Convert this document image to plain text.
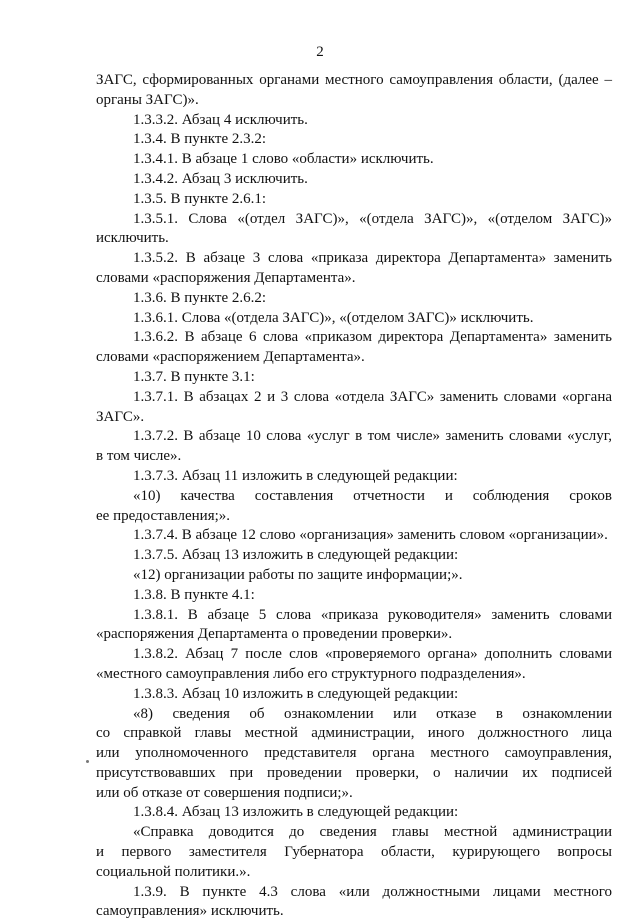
2
ЗАГС, сформированных органами местного самоуправления области, (далее –
органы ЗАГС)».
1.3.3.2. Абзац 4 исключить.
1.3.4. В пункте 2.3.2:
1.3.4.1. В абзаце 1 слово «области» исключить.
1.3.4.2. Абзац 3 исключить.
1.3.5. В пункте 2.6.1:
1.3.5.1. Слова «(отдел ЗАГС)», «(отдела ЗАГС)», «(отделом ЗАГС)»
исключить.
1.3.5.2. В абзаце 3 слова «приказа директора Департамента» заменить
словами «распоряжения Департамента».
1.3.6. В пункте 2.6.2:
1.3.6.1. Слова «(отдела ЗАГС)», «(отделом ЗАГС)» исключить.
1.3.6.2. В абзаце 6 слова «приказом директора Департамента» заменить
словами «распоряжением Департамента».
1.3.7. В пункте 3.1:
1.3.7.1. В абзацах 2 и 3 слова «отдела ЗАГС» заменить словами «органа
ЗАГС».
1.3.7.2. В абзаце 10 слова «услуг в том числе» заменить словами «услуг,
в том числе».
1.3.7.3. Абзац 11 изложить в следующей редакции:
«10) качества составления отчетности и соблюдения сроков
ее предоставления;».
1.3.7.4. В абзаце 12 слово «организация» заменить словом «организации».
1.3.7.5. Абзац 13 изложить в следующей редакции:
«12) организации работы по защите информации;».
1.3.8. В пункте 4.1:
1.3.8.1. В абзаце 5 слова «приказа руководителя» заменить словами
«распоряжения Департамента о проведении проверки».
1.3.8.2. Абзац 7 после слов «проверяемого органа» дополнить словами
«местного самоуправления либо его структурного подразделения».
1.3.8.3. Абзац 10 изложить в следующей редакции:
«8) сведения об ознакомлении или отказе в ознакомлении
со справкой главы местной администрации, иного должностного лица
или уполномоченного представителя органа местного самоуправления,
присутствовавших при проведении проверки, о наличии их подписей
или об отказе от совершения подписи;».
1.3.8.4. Абзац 13 изложить в следующей редакции:
«Справка доводится до сведения главы местной администрации
и первого заместителя Губернатора области, курирующего вопросы
социальной политики.».
1.3.9. В пункте 4.3 слова «или должностными лицами местного
самоуправления» исключить.
